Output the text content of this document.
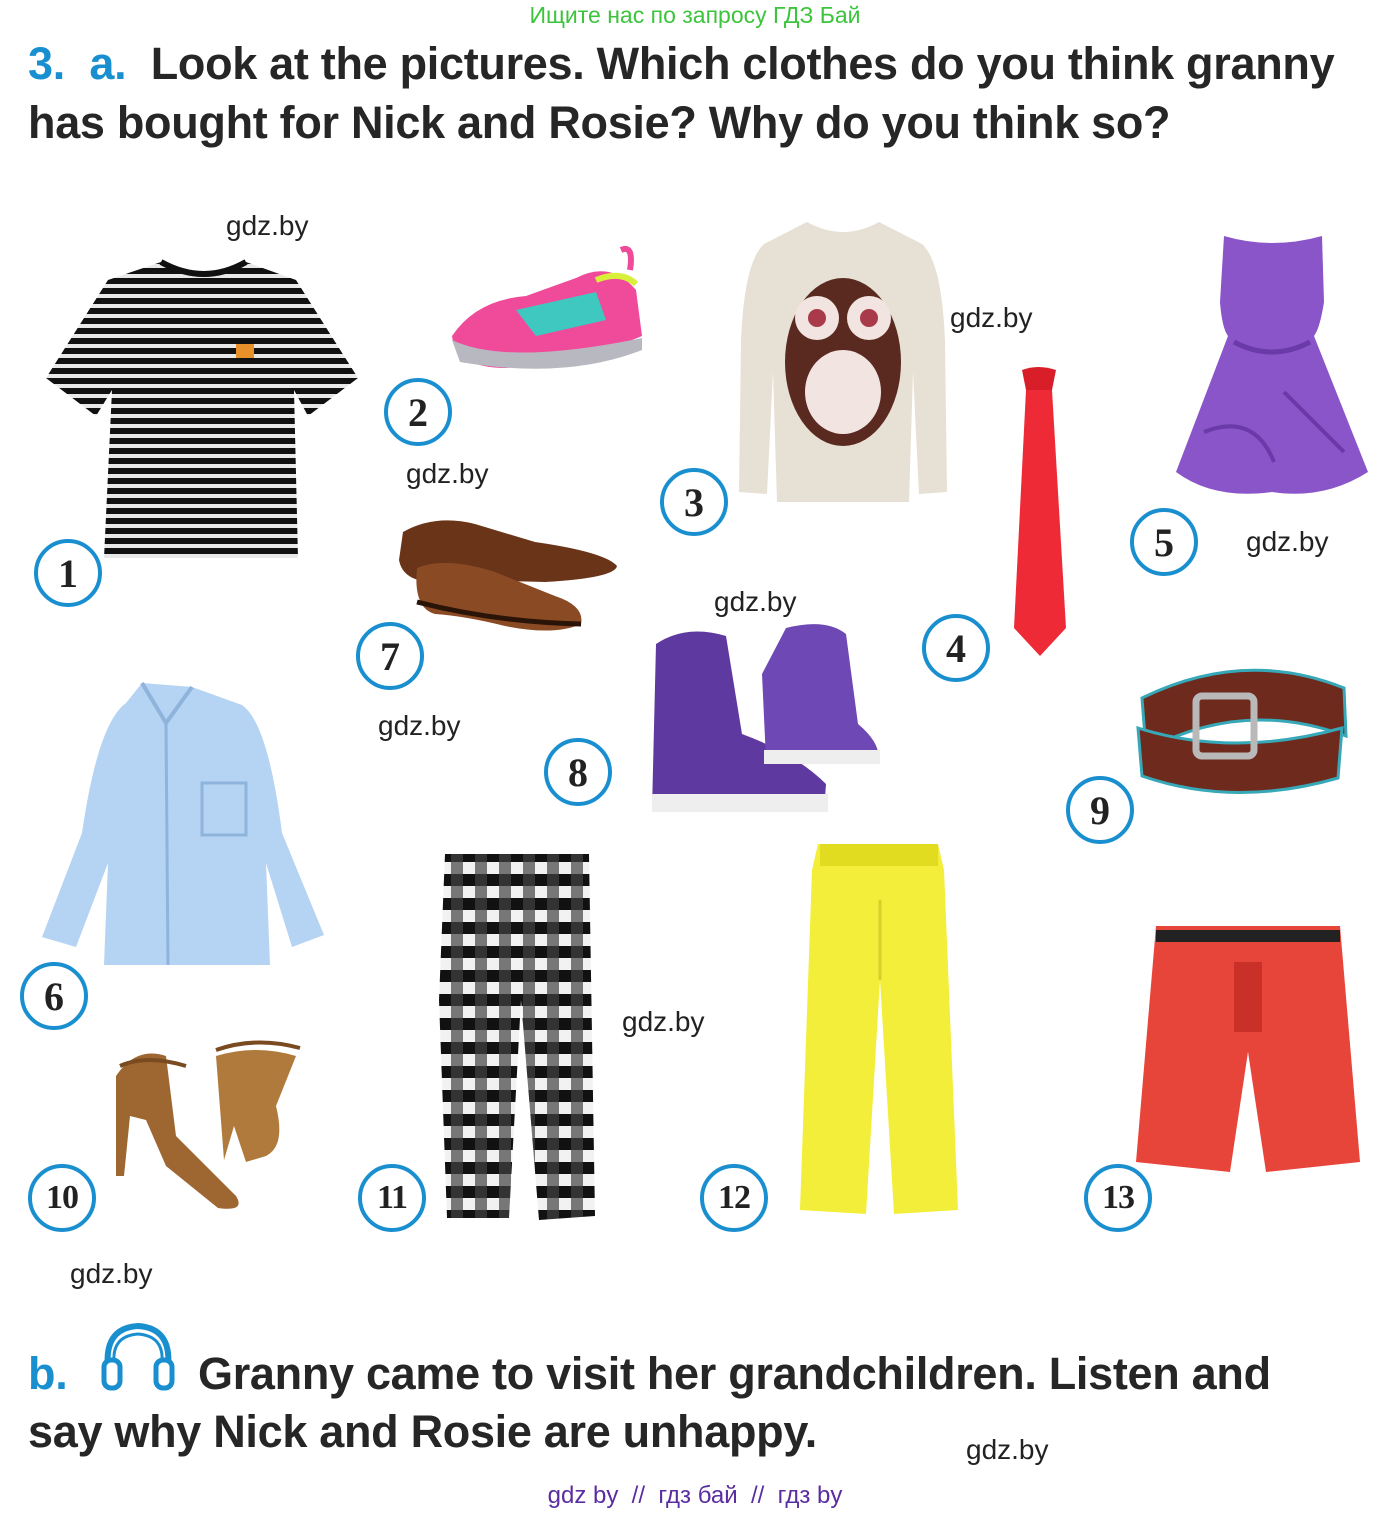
Ищите нас по запросу ГДЗ Бай
3. a. Look at the pictures. Which clothes do you think granny
has bought for Nick and Rosie? Why do you think so?
gdz.by
gdz.by
gdz.by
gdz.by
gdz.by
gdz.by
gdz.by
gdz.by
gdz.by
1
2
3
4
5
6
7
8
9
10	11	12	13
b.	Granny came to visit her grandchildren. Listen and
say why Nick and Rosie are unhappy.
gdz by  //  гдз бай  //  гдз by
